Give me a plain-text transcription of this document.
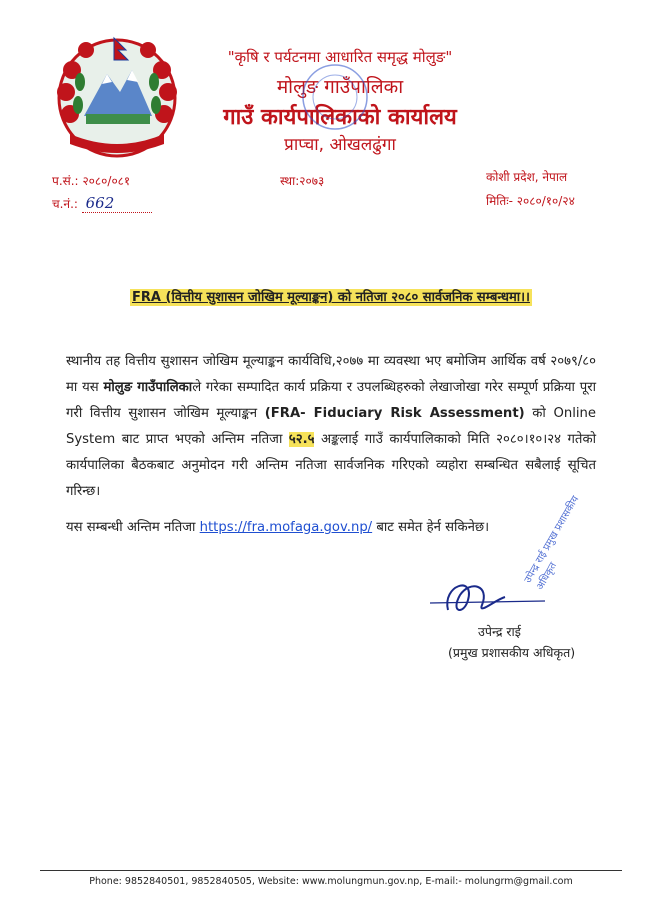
"कृषि र पर्यटनमा आधारित समृद्ध मोलुङ"
मोलुङ गाउँपालिका
गाउँ कार्यपालिकाको कार्यालय
प्राप्चा, ओखलढुंगा
प.सं.: २०८०/०८१	स्था:२०७३	कोशी प्रदेश, नेपाल
च.नं.: 662	मितिः- २०८०/१०/२४
FRA (वित्तीय सुशासन जोखिम मूल्याङ्कन) को नतिजा २०८० सार्वजनिक सम्बन्धमा।।

स्थानीय तह वित्तीय सुशासन जोखिम मूल्याङ्कन कार्यविधि,२०७७ मा व्यवस्था भए बमोजिम आर्थिक वर्ष २०७९/८० मा यस मोलुङ गाउँपालिकाले गरेका सम्पादित कार्य प्रक्रिया र उपलब्धिहरुको लेखाजोखा गरेर सम्पूर्ण प्रक्रिया पूरा गरी वित्तीय सुशासन जोखिम मूल्याङ्कन (FRA- Fiduciary Risk Assessment) को Online System बाट प्राप्त भएको अन्तिम नतिजा ५२.५ अङ्कलाई गाउँ कार्यपालिकाको मिति २०८०।१०।२४ गतेको कार्यपालिका बैठकबाट अनुमोदन गरी अन्तिम नतिजा सार्वजनिक गरिएको व्यहोरा सम्बन्धित सबैलाई सूचित गरिन्छ।

यस सम्बन्धी अन्तिम नतिजा https://fra.mofaga.gov.np/ बाट समेत हेर्न सकिनेछ।	उपेन्द्र राई प्रमुख प्रशासकीय अधिकृत
उपेन्द्र राई
(प्रमुख प्रशासकीय अधिकृत)
Phone: 9852840501, 9852840505, Website: www.molungmun.gov.np, E-mail:- molungrm@gmail.com
